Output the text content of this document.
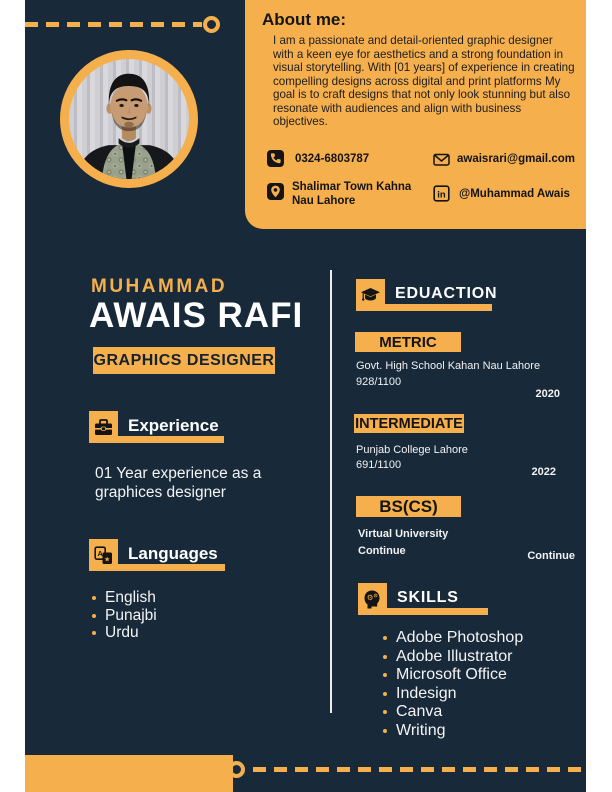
About me:

I am a passionate and detail-oriented graphic designer with a keen eye for aesthetics and a strong foundation in visual storytelling. With [01 years] of experience in creating compelling designs across digital and print platforms My goal is to craft designs that not only look stunning but also resonate with audiences and align with business objectives.

0324-6803787	awaisrari@gmail.com
Shalimar Town Kahna Nau Lahore	in @Muhammad Awais
MUHAMMAD
AWAIS RAFI
GRAPHICS DESIGNER
Experience

01 Year experience as a graphices designer

A
★ Languages
English
Punajbi
Urdu
EDUACTION
METRIC
Govt. High School Kahan Nau Lahore
928/1100
2020
INTERMEDIATE
Punjab College Lahore
691/1100
2022
BS(CS)
Virtual University
Continue	Continue
⚙ ⚙ SKILLS
Adobe Photoshop
Adobe Illustrator
Microsoft Office
Indesign
Canva
Writing
